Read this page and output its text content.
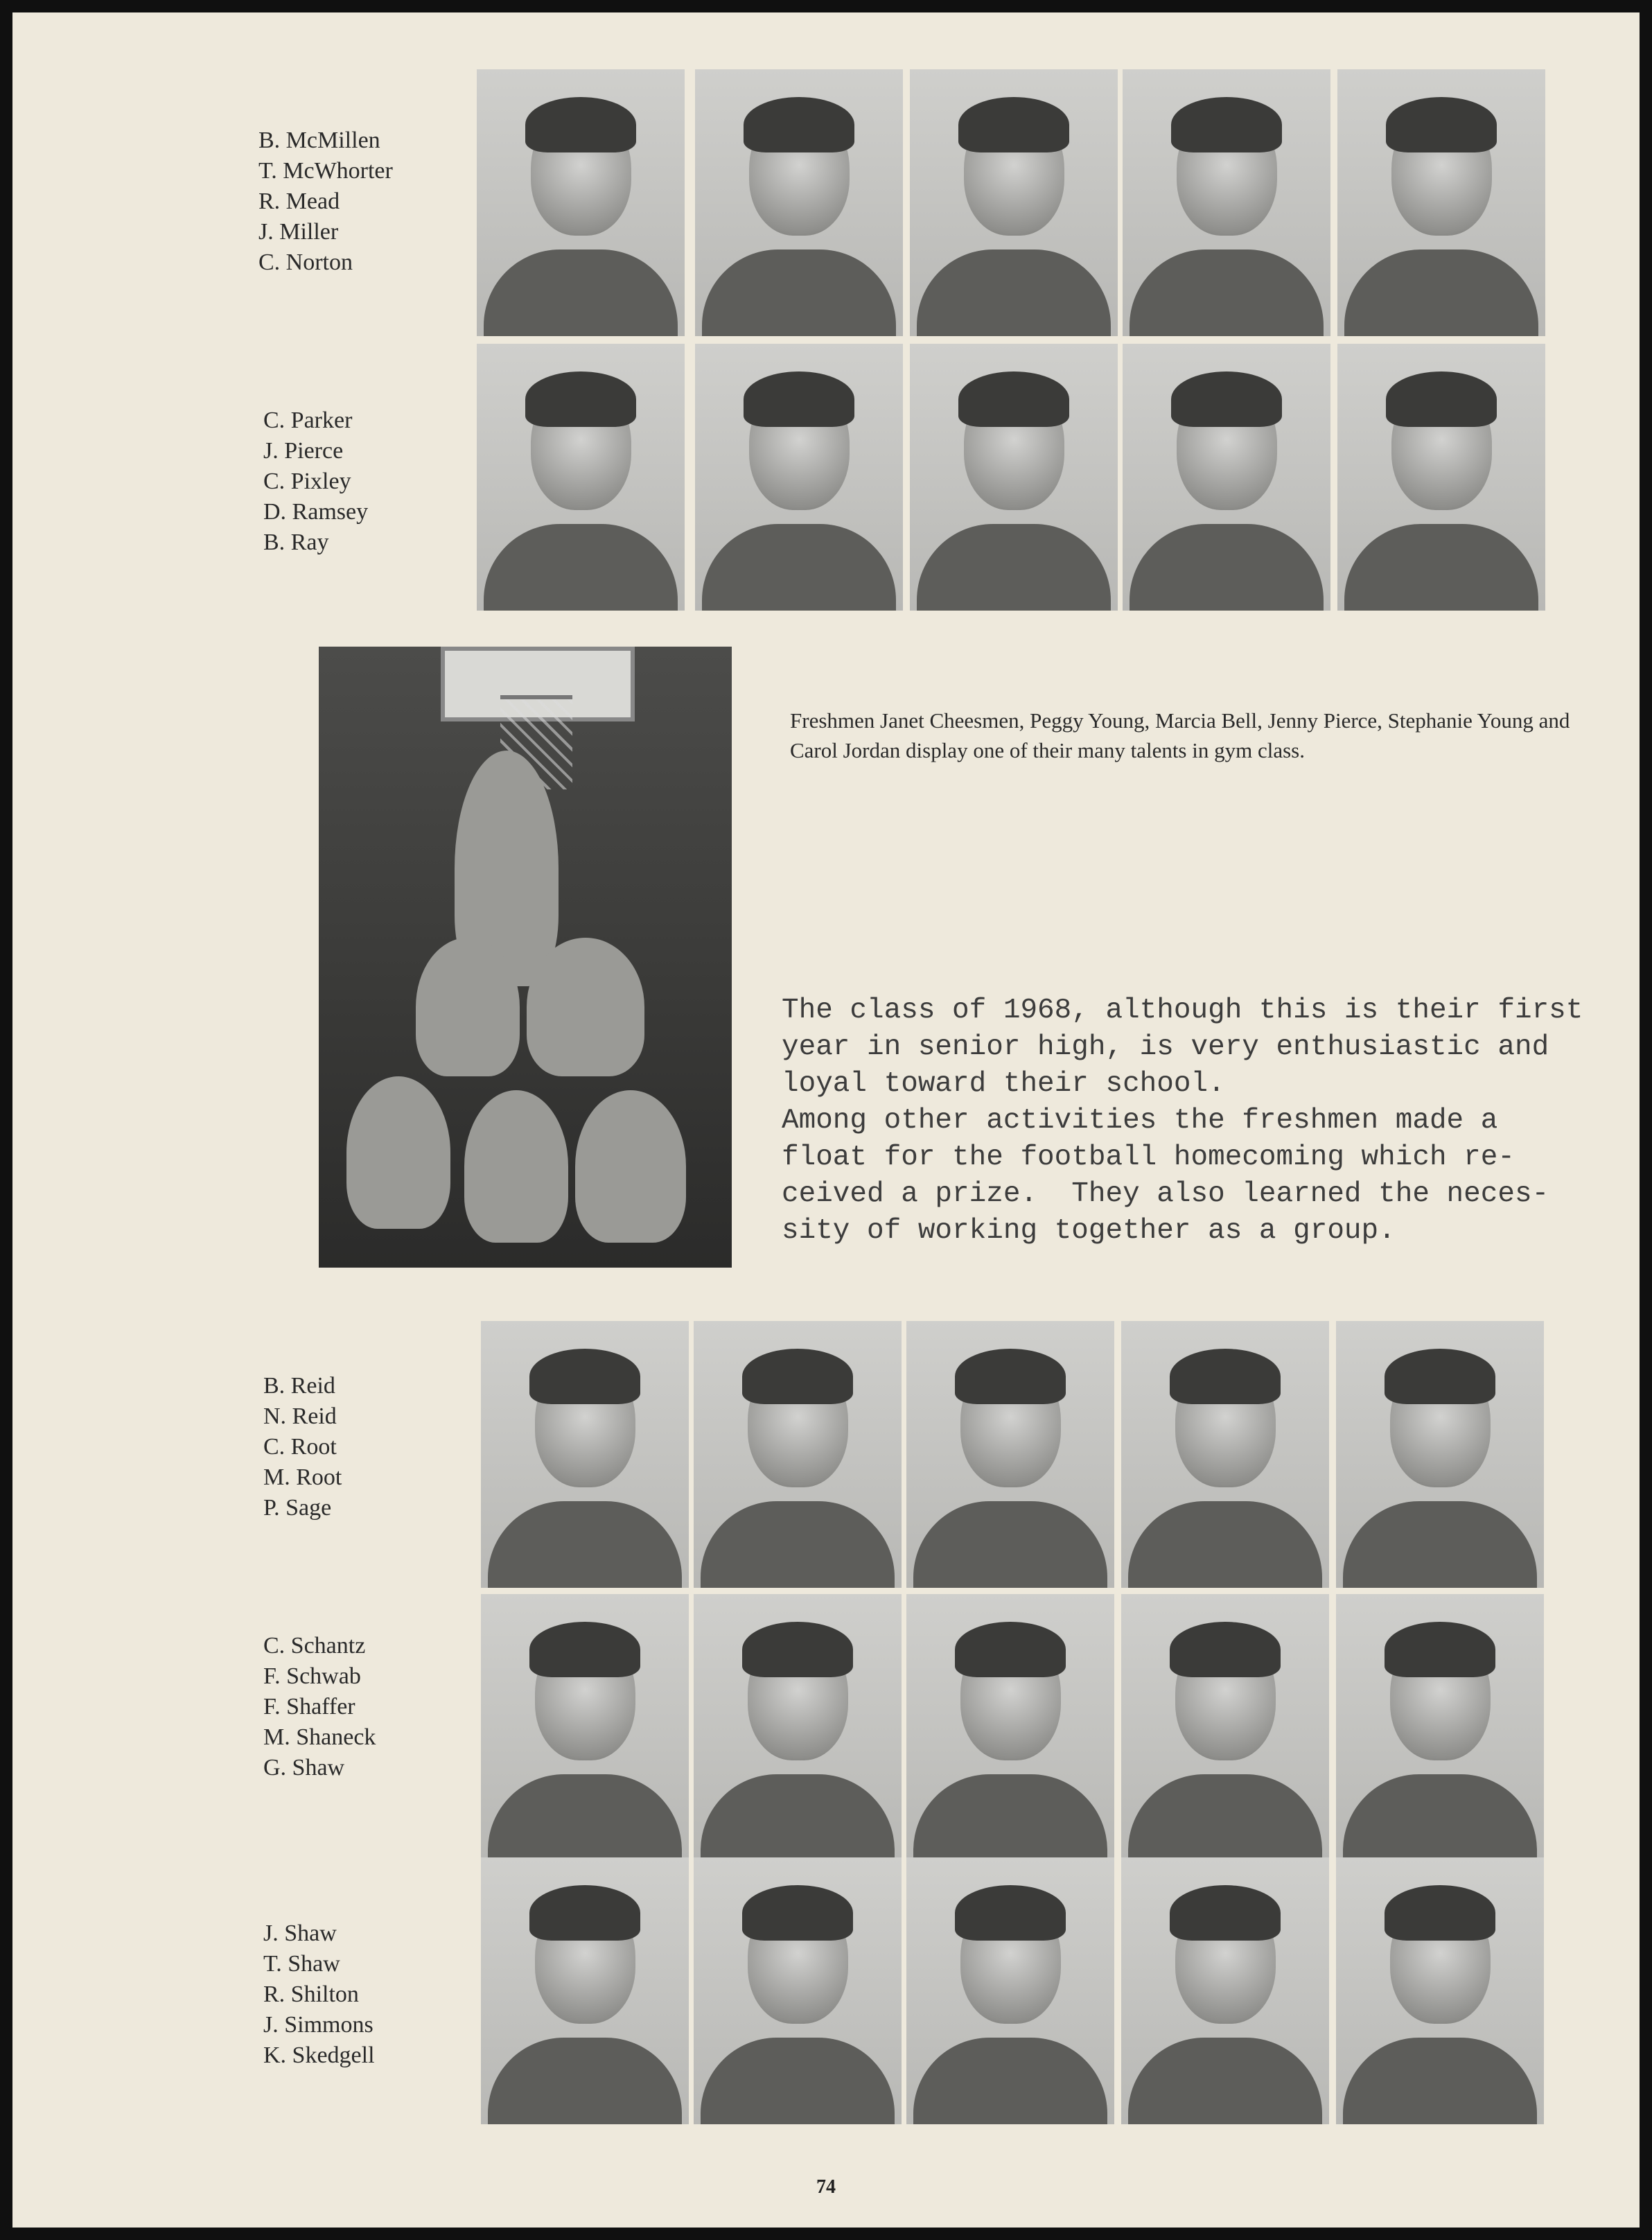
B. McMillen
T. McWhorter
R. Mead
J. Miller
C. Norton
C. Parker
J. Pierce
C. Pixley
D. Ramsey
B. Ray

Freshmen Janet Cheesmen, Peggy Young, Marcia Bell, Jenny Pierce, Stephanie Young and Carol Jordan display one of their many talents in gym class.

The class of 1968, although this is their first
year in senior high, is very enthusiastic and
loyal toward their school.
Among other activities the freshmen made a
float for the football homecoming which re-
ceived a prize.  They also learned the neces-
sity of working together as a group.

B. Reid
N. Reid
C. Root
M. Root
P. Sage
C. Schantz
F. Schwab
F. Shaffer
M. Shaneck
G. Shaw
J. Shaw
T. Shaw
R. Shilton
J. Simmons
K. Skedgell
74
